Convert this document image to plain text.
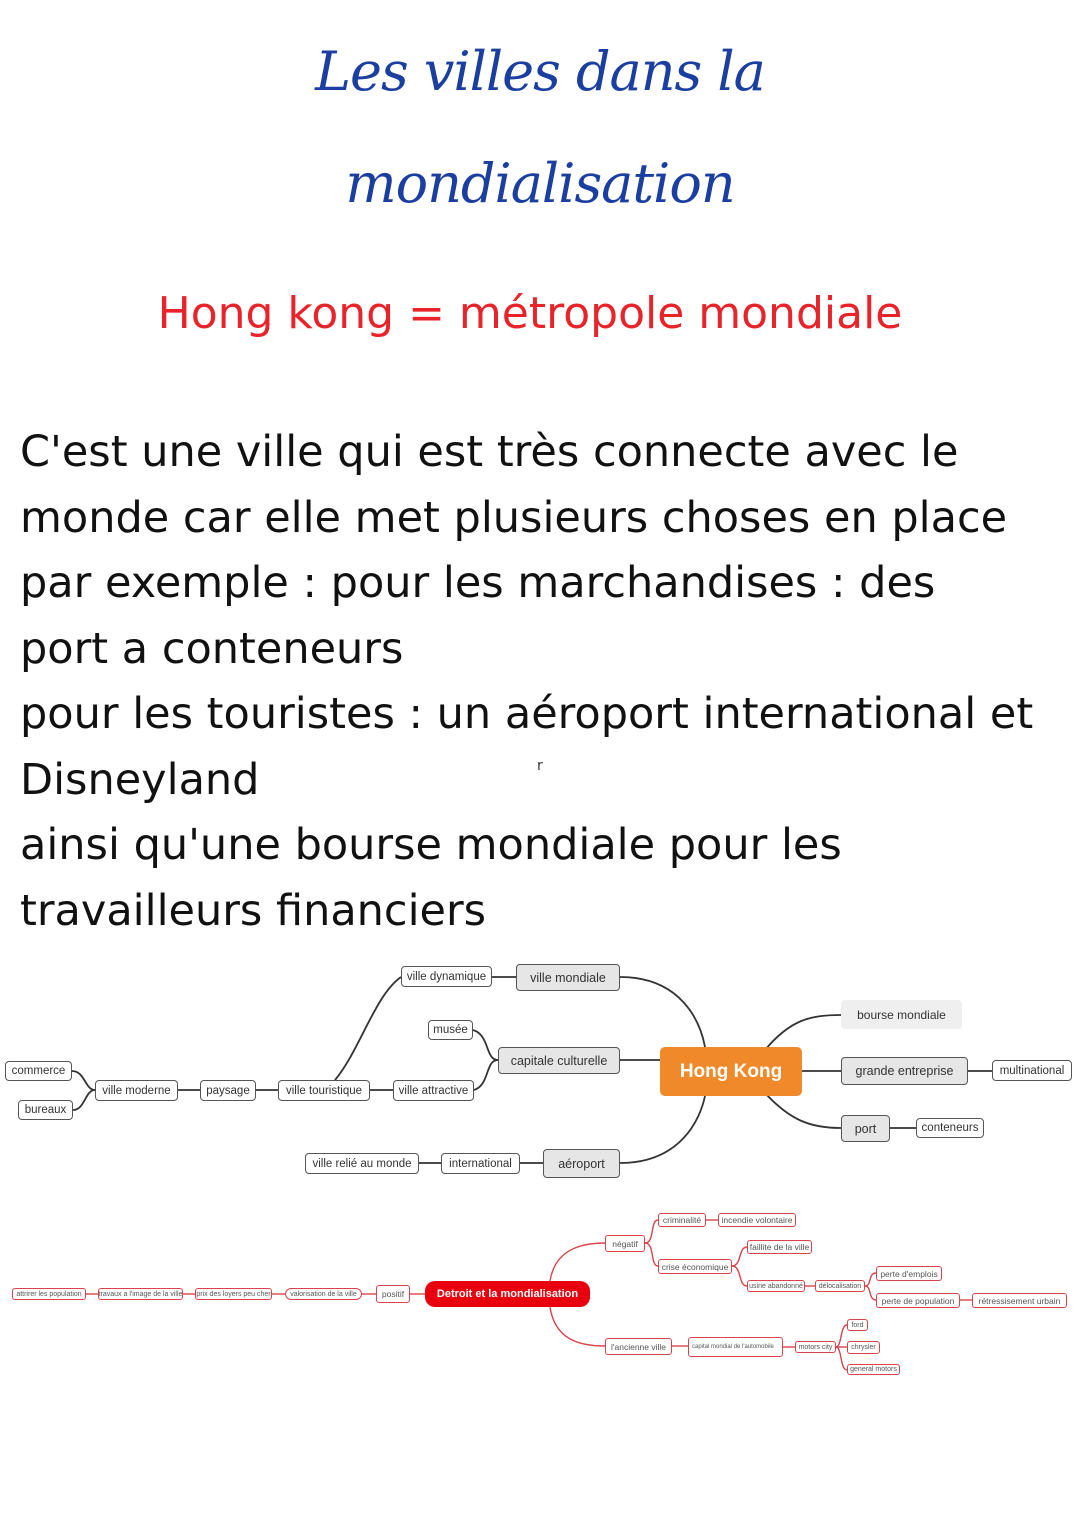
Les villes dans la
mondialisation
Hong kong = métropole mondiale
C'est une ville qui est très connecte avec le
monde car elle met plusieurs choses en place
par exemple : pour les marchandises : des
port a conteneurs
pour les touristes : un aéroport international et
Disneyland
ainsi qu'une bourse mondiale pour les
travailleurs financiers
r
ville dynamique	ville mondiale
musée
capitale culturelle
commerce
bureaux
ville moderne	paysage	ville touristique	ville attractive
Hong Kong
bourse mondiale
grande entreprise	multinational
port	conteneurs
ville relié au monde	international	aéroport
attrirer les population	travaux a l'image de la ville prix des loyers peu cher	valorisation de la ville	positif	Detroit et la mondialisation
négatif
criminalité	incendie volontaire
crise économique
faillite de la ville
usine abandonné	délocalisation
perte d'emplois
perte de population	rétressisement urbain
l'ancienne ville	capital mondial de l'automobile	motors city
ford
chrysler
general motors
